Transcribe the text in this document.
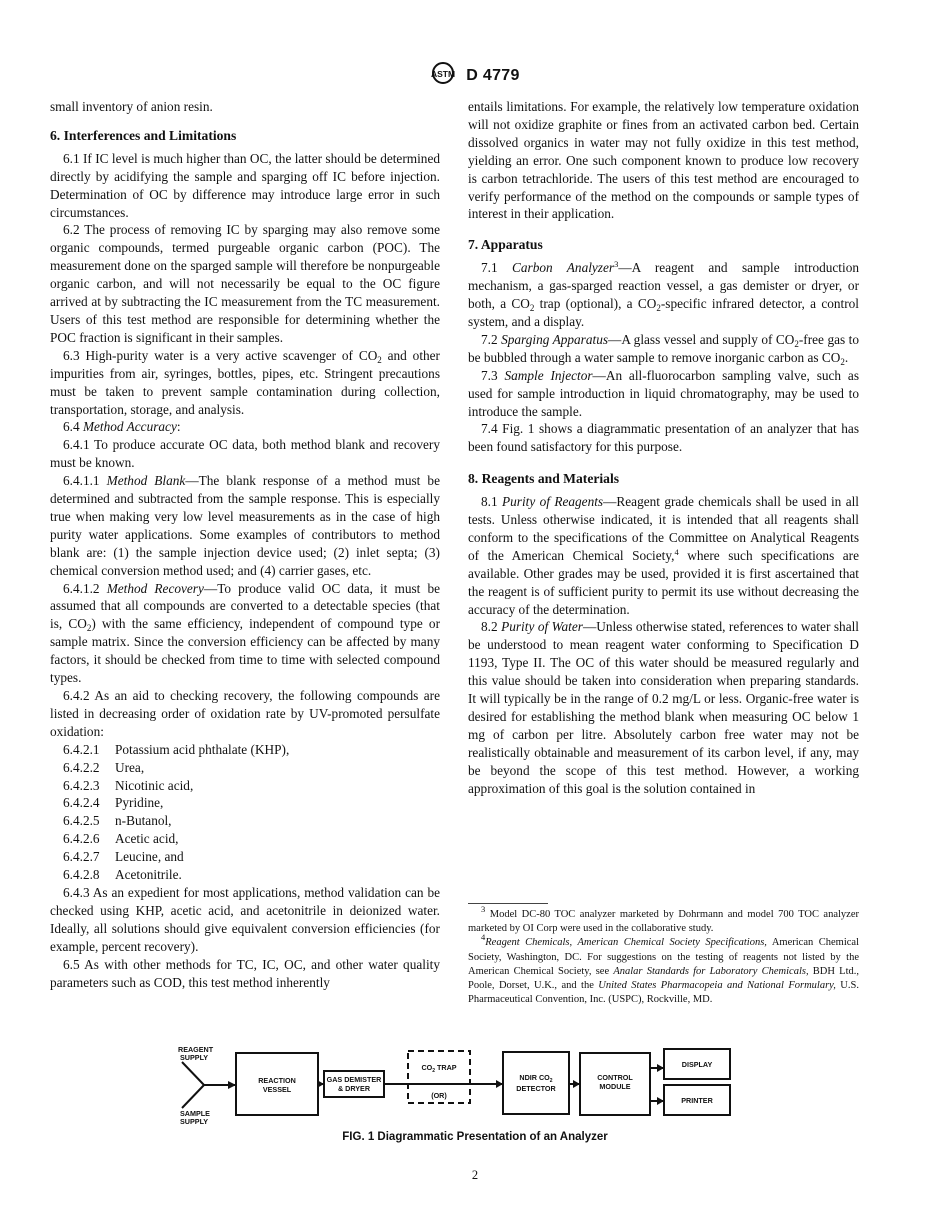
ASTM D 4779

small inventory of anion resin.

6. Interferences and Limitations

6.1 If IC level is much higher than OC, the latter should be determined directly by acidifying the sample and sparging off IC before injection. Determination of OC by difference may introduce large error in such circumstances.

6.2 The process of removing IC by sparging may also remove some organic compounds, termed purgeable organic carbon (POC). The measurement done on the sparged sample will therefore be nonpurgeable organic carbon, and will not necessarily be equal to the OC figure arrived at by subtracting the IC measurement from the TC measurement. Users of this test method are responsible for determining whether the POC fraction is significant in their samples.

6.3 High-purity water is a very active scavenger of $CO_2$ and other impurities from air, syringes, bottles, pipes, etc. Stringent precautions must be taken to prevent sample contamination during collection, transportation, storage, and analysis.

6.4 Method Accuracy:

6.4.1 To produce accurate OC data, both method blank and recovery must be known.

6.4.1.1 Method Blank—The blank response of a method must be determined and subtracted from the sample response. This is especially true when making very low level measurements as in the case of high purity water applications. Some examples of contributors to method blank are: (1) the sample injection device used; (2) inlet septa; (3) chemical conversion method used; and (4) carrier gases, etc.

6.4.1.2 Method Recovery—To produce valid OC data, it must be assumed that all compounds are converted to a detectable species (that is, $CO_2$) with the same efficiency, independent of compound type or sample matrix. Since the conversion efficiency can be affected by many factors, it should be checked from time to time with selected compound types.

6.4.2 As an aid to checking recovery, the following compounds are listed in decreasing order of oxidation rate by UV-promoted persulfate oxidation:

6.4.2.1 Potassium acid phthalate (KHP),

6.4.2.2 Urea,

6.4.2.3 Nicotinic acid,

6.4.2.4 Pyridine,

6.4.2.5 n-Butanol,

6.4.2.6 Acetic acid,

6.4.2.7 Leucine, and

6.4.2.8 Acetonitrile.

6.4.3 As an expedient for most applications, method validation can be checked using KHP, acetic acid, and acetonitrile in deionized water. Ideally, all solutions should give equivalent conversion efficiencies (for example, percent recovery).

6.5 As with other methods for TC, IC, OC, and other water quality parameters such as COD, this test method inherently

entails limitations. For example, the relatively low temperature oxidation will not oxidize graphite or fines from an activated carbon bed. Certain dissolved organics in water may not fully oxidize in this test method, yielding an error. One such component known to produce low recovery is carbon tetrachloride. The users of this test method are encouraged to verify performance of the method on the compounds or sample types of interest in their application.

7. Apparatus

7.1 Carbon Analyzer$^3$—A reagent and sample introduction mechanism, a gas-sparged reaction vessel, a gas demister or dryer, or both, a $CO_2$ trap (optional), a $CO_2$-specific infrared detector, a control system, and a display.

7.2 Sparging Apparatus—A glass vessel and supply of $CO_2$-free gas to be bubbled through a water sample to remove inorganic carbon as $CO_2$.

7.3 Sample Injector—An all-fluorocarbon sampling valve, such as used for sample introduction in liquid chromatography, may be used to introduce the sample.

7.4 Fig. 1 shows a diagrammatic presentation of an analyzer that has been found satisfactory for this purpose.

8. Reagents and Materials

8.1 Purity of Reagents—Reagent grade chemicals shall be used in all tests. Unless otherwise indicated, it is intended that all reagents shall conform to the specifications of the Committee on Analytical Reagents of the American Chemical Society,$^4$ where such specifications are available. Other grades may be used, provided it is first ascertained that the reagent is of sufficient purity to permit its use without decreasing the accuracy of the determination.

8.2 Purity of Water—Unless otherwise stated, references to water shall be understood to mean reagent water conforming to Specification D 1193, Type II. The OC of this water should be measured regularly and this value should be taken into consideration when preparing standards. It will typically be in the range of 0.2 mg/L or less. Organic-free water is desired for establishing the method blank when measuring OC below 1 mg of carbon per litre. Absolutely carbon free water may not be realistically obtainable and measurement of its carbon level, if any, may be beyond the scope of this test method. However, a working approximation of this goal is the solution contained in

$^3$ Model DC-80 TOC analyzer marketed by Dohrmann and model 700 TOC analyzer marketed by OI Corp were used in the collaborative study.

$^4$Reagent Chemicals, American Chemical Society Specifications, American Chemical Society, Washington, DC. For suggestions on the testing of reagents not listed by the American Chemical Society, see Analar Standards for Laboratory Chemicals, BDH Ltd., Poole, Dorset, U.K., and the United States Pharmacopeia and National Formulary, U.S. Pharmaceutical Convention, Inc. (USPC), Rockville, MD.

REAGENT
SUPPLY
SAMPLE
SUPPLY
REACTION
VESSEL
GAS DEMISTER
& DRYER
$CO_2$ TRAP
(OR)
NDIR $CO_2$
DETECTOR
CONTROL
MODULE
DISPLAY
PRINTER
FIG. 1 Diagrammatic Presentation of an Analyzer
2
